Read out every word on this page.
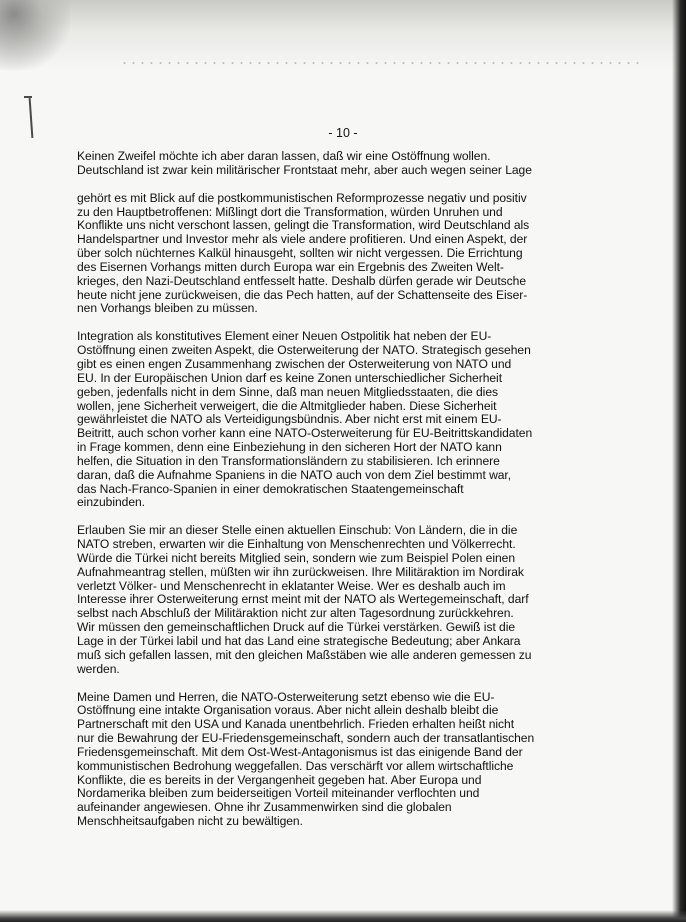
- 10 -
Keinen Zweifel möchte ich aber daran lassen, daß wir eine Ostöffnung wollen.
Deutschland ist zwar kein militärischer Frontstaat mehr, aber auch wegen seiner Lage
gehört es mit Blick auf die postkommunistischen Reformprozesse negativ und positiv
zu den Hauptbetroffenen: Mißlingt dort die Transformation, würden Unruhen und
Konflikte uns nicht verschont lassen, gelingt die Transformation, wird Deutschland als
Handelspartner und Investor mehr als viele andere profitieren. Und einen Aspekt, der
über solch nüchternes Kalkül hinausgeht, sollten wir nicht vergessen. Die Errichtung
des Eisernen Vorhangs mitten durch Europa war ein Ergebnis des Zweiten Welt-
krieges, den Nazi-Deutschland entfesselt hatte. Deshalb dürfen gerade wir Deutsche
heute nicht jene zurückweisen, die das Pech hatten, auf der Schattenseite des Eiser-
nen Vorhangs bleiben zu müssen.
Integration als konstitutives Element einer Neuen Ostpolitik hat neben der EU-
Ostöffnung einen zweiten Aspekt, die Osterweiterung der NATO. Strategisch gesehen
gibt es einen engen Zusammenhang zwischen der Osterweiterung von NATO und
EU. In der Europäischen Union darf es keine Zonen unterschiedlicher Sicherheit
geben, jedenfalls nicht in dem Sinne, daß man neuen Mitgliedsstaaten, die dies
wollen, jene Sicherheit verweigert, die die Altmitglieder haben. Diese Sicherheit
gewährleistet die NATO als Verteidigungsbündnis. Aber nicht erst mit einem EU-
Beitritt, auch schon vorher kann eine NATO-Osterweiterung für EU-Beitrittskandidaten
in Frage kommen, denn eine Einbeziehung in den sicheren Hort der NATO kann
helfen, die Situation in den Transformationsländern zu stabilisieren. Ich erinnere
daran, daß die Aufnahme Spaniens in die NATO auch von dem Ziel bestimmt war,
das Nach-Franco-Spanien in einer demokratischen Staatengemeinschaft
einzubinden.
Erlauben Sie mir an dieser Stelle einen aktuellen Einschub: Von Ländern, die in die
NATO streben, erwarten wir die Einhaltung von Menschenrechten und Völkerrecht.
Würde die Türkei nicht bereits Mitglied sein, sondern wie zum Beispiel Polen einen
Aufnahmeantrag stellen, müßten wir ihn zurückweisen. Ihre Militäraktion im Nordirak
verletzt Völker- und Menschenrecht in eklatanter Weise. Wer es deshalb auch im
Interesse ihrer Osterweiterung ernst meint mit der NATO als Wertegemeinschaft, darf
selbst nach Abschluß der Militäraktion nicht zur alten Tagesordnung zurückkehren.
Wir müssen den gemeinschaftlichen Druck auf die Türkei verstärken. Gewiß ist die
Lage in der Türkei labil und hat das Land eine strategische Bedeutung; aber Ankara
muß sich gefallen lassen, mit den gleichen Maßstäben wie alle anderen gemessen zu
werden.
Meine Damen und Herren, die NATO-Osterweiterung setzt ebenso wie die EU-
Ostöffnung eine intakte Organisation voraus. Aber nicht allein deshalb bleibt die
Partnerschaft mit den USA und Kanada unentbehrlich. Frieden erhalten heißt nicht
nur die Bewahrung der EU-Friedensgemeinschaft, sondern auch der transatlantischen
Friedensgemeinschaft. Mit dem Ost-West-Antagonismus ist das einigende Band der
kommunistischen Bedrohung weggefallen. Das verschärft vor allem wirtschaftliche
Konflikte, die es bereits in der Vergangenheit gegeben hat. Aber Europa und
Nordamerika bleiben zum beiderseitigen Vorteil miteinander verflochten und
aufeinander angewiesen. Ohne ihr Zusammenwirken sind die globalen
Menschheitsaufgaben nicht zu bewältigen.
